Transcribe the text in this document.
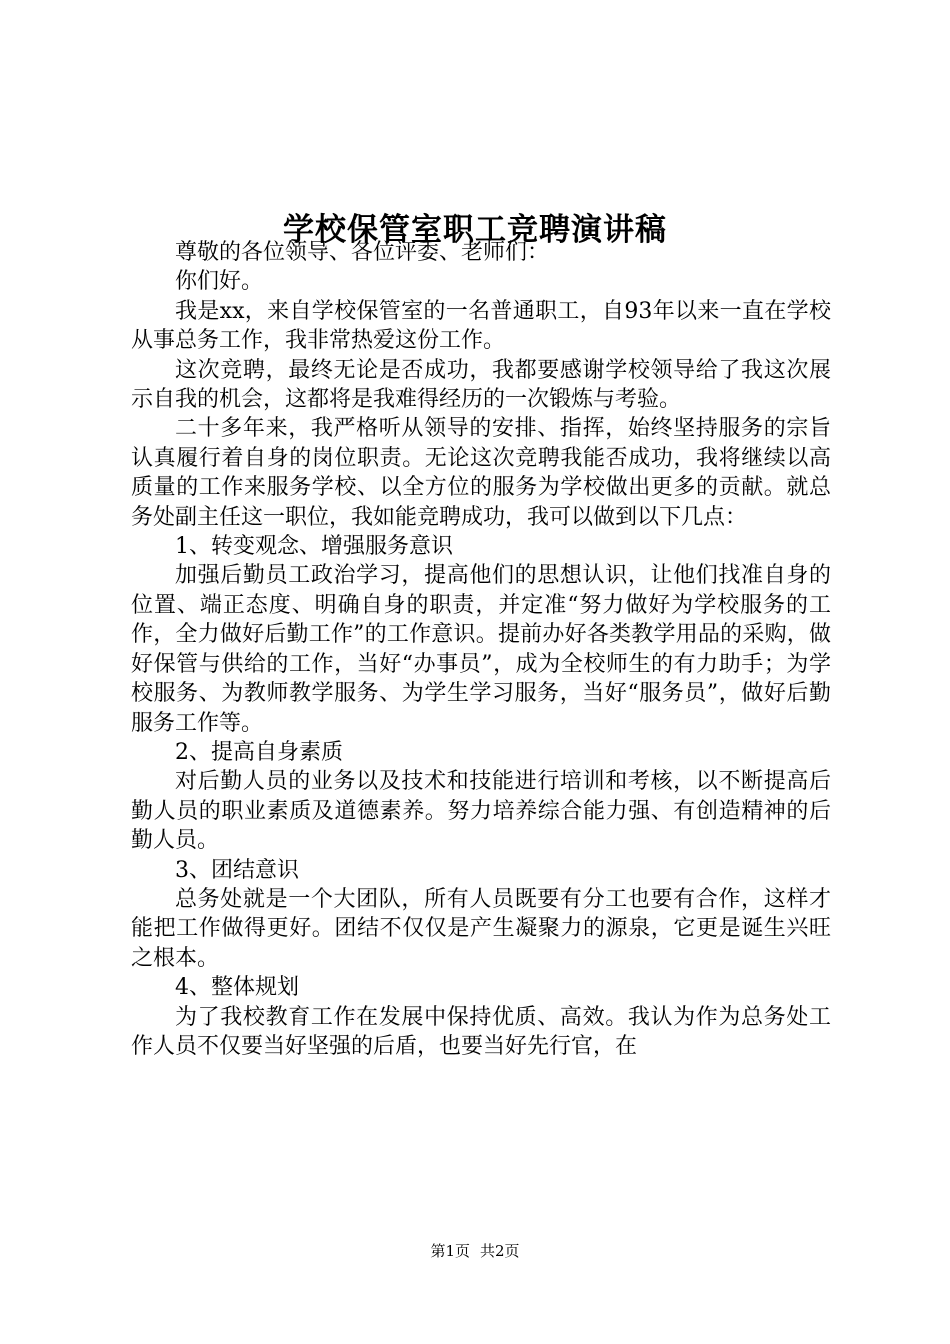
学校保管室职工竞聘演讲稿

尊敬的各位领导、各位评委、老师们：

你们好。

我是xx，来自学校保管室的一名普通职工，自93年以来一直在学校从事总务工作，我非常热爱这份工作。

这次竞聘，最终无论是否成功，我都要感谢学校领导给了我这次展示自我的机会，这都将是我难得经历的一次锻炼与考验。

二十多年来，我严格听从领导的安排、指挥，始终坚持服务的宗旨认真履行着自身的岗位职责。无论这次竞聘我能否成功，我将继续以高质量的工作来服务学校、以全方位的服务为学校做出更多的贡献。就总务处副主任这一职位，我如能竞聘成功，我可以做到以下几点：

1、转变观念、增强服务意识

加强后勤员工政治学习，提高他们的思想认识，让他们找准自身的位置、端正态度、明确自身的职责，并定准“努力做好为学校服务的工作，全力做好后勤工作”的工作意识。提前办好各类教学用品的采购，做好保管与供给的工作，当好“办事员”，成为全校师生的有力助手；为学校服务、为教师教学服务、为学生学习服务，当好“服务员”，做好后勤服务工作等。

2、提高自身素质

对后勤人员的业务以及技术和技能进行培训和考核，以不断提高后勤人员的职业素质及道德素养。努力培养综合能力强、有创造精神的后勤人员。

3、团结意识

总务处就是一个大团队，所有人员既要有分工也要有合作，这样才能把工作做得更好。团结不仅仅是产生凝聚力的源泉，它更是诞生兴旺之根本。

4、整体规划

为了我校教育工作在发展中保持优质、高效。我认为作为总务处工作人员不仅要当好坚强的后盾，也要当好先行官，在

第1页 共2页
